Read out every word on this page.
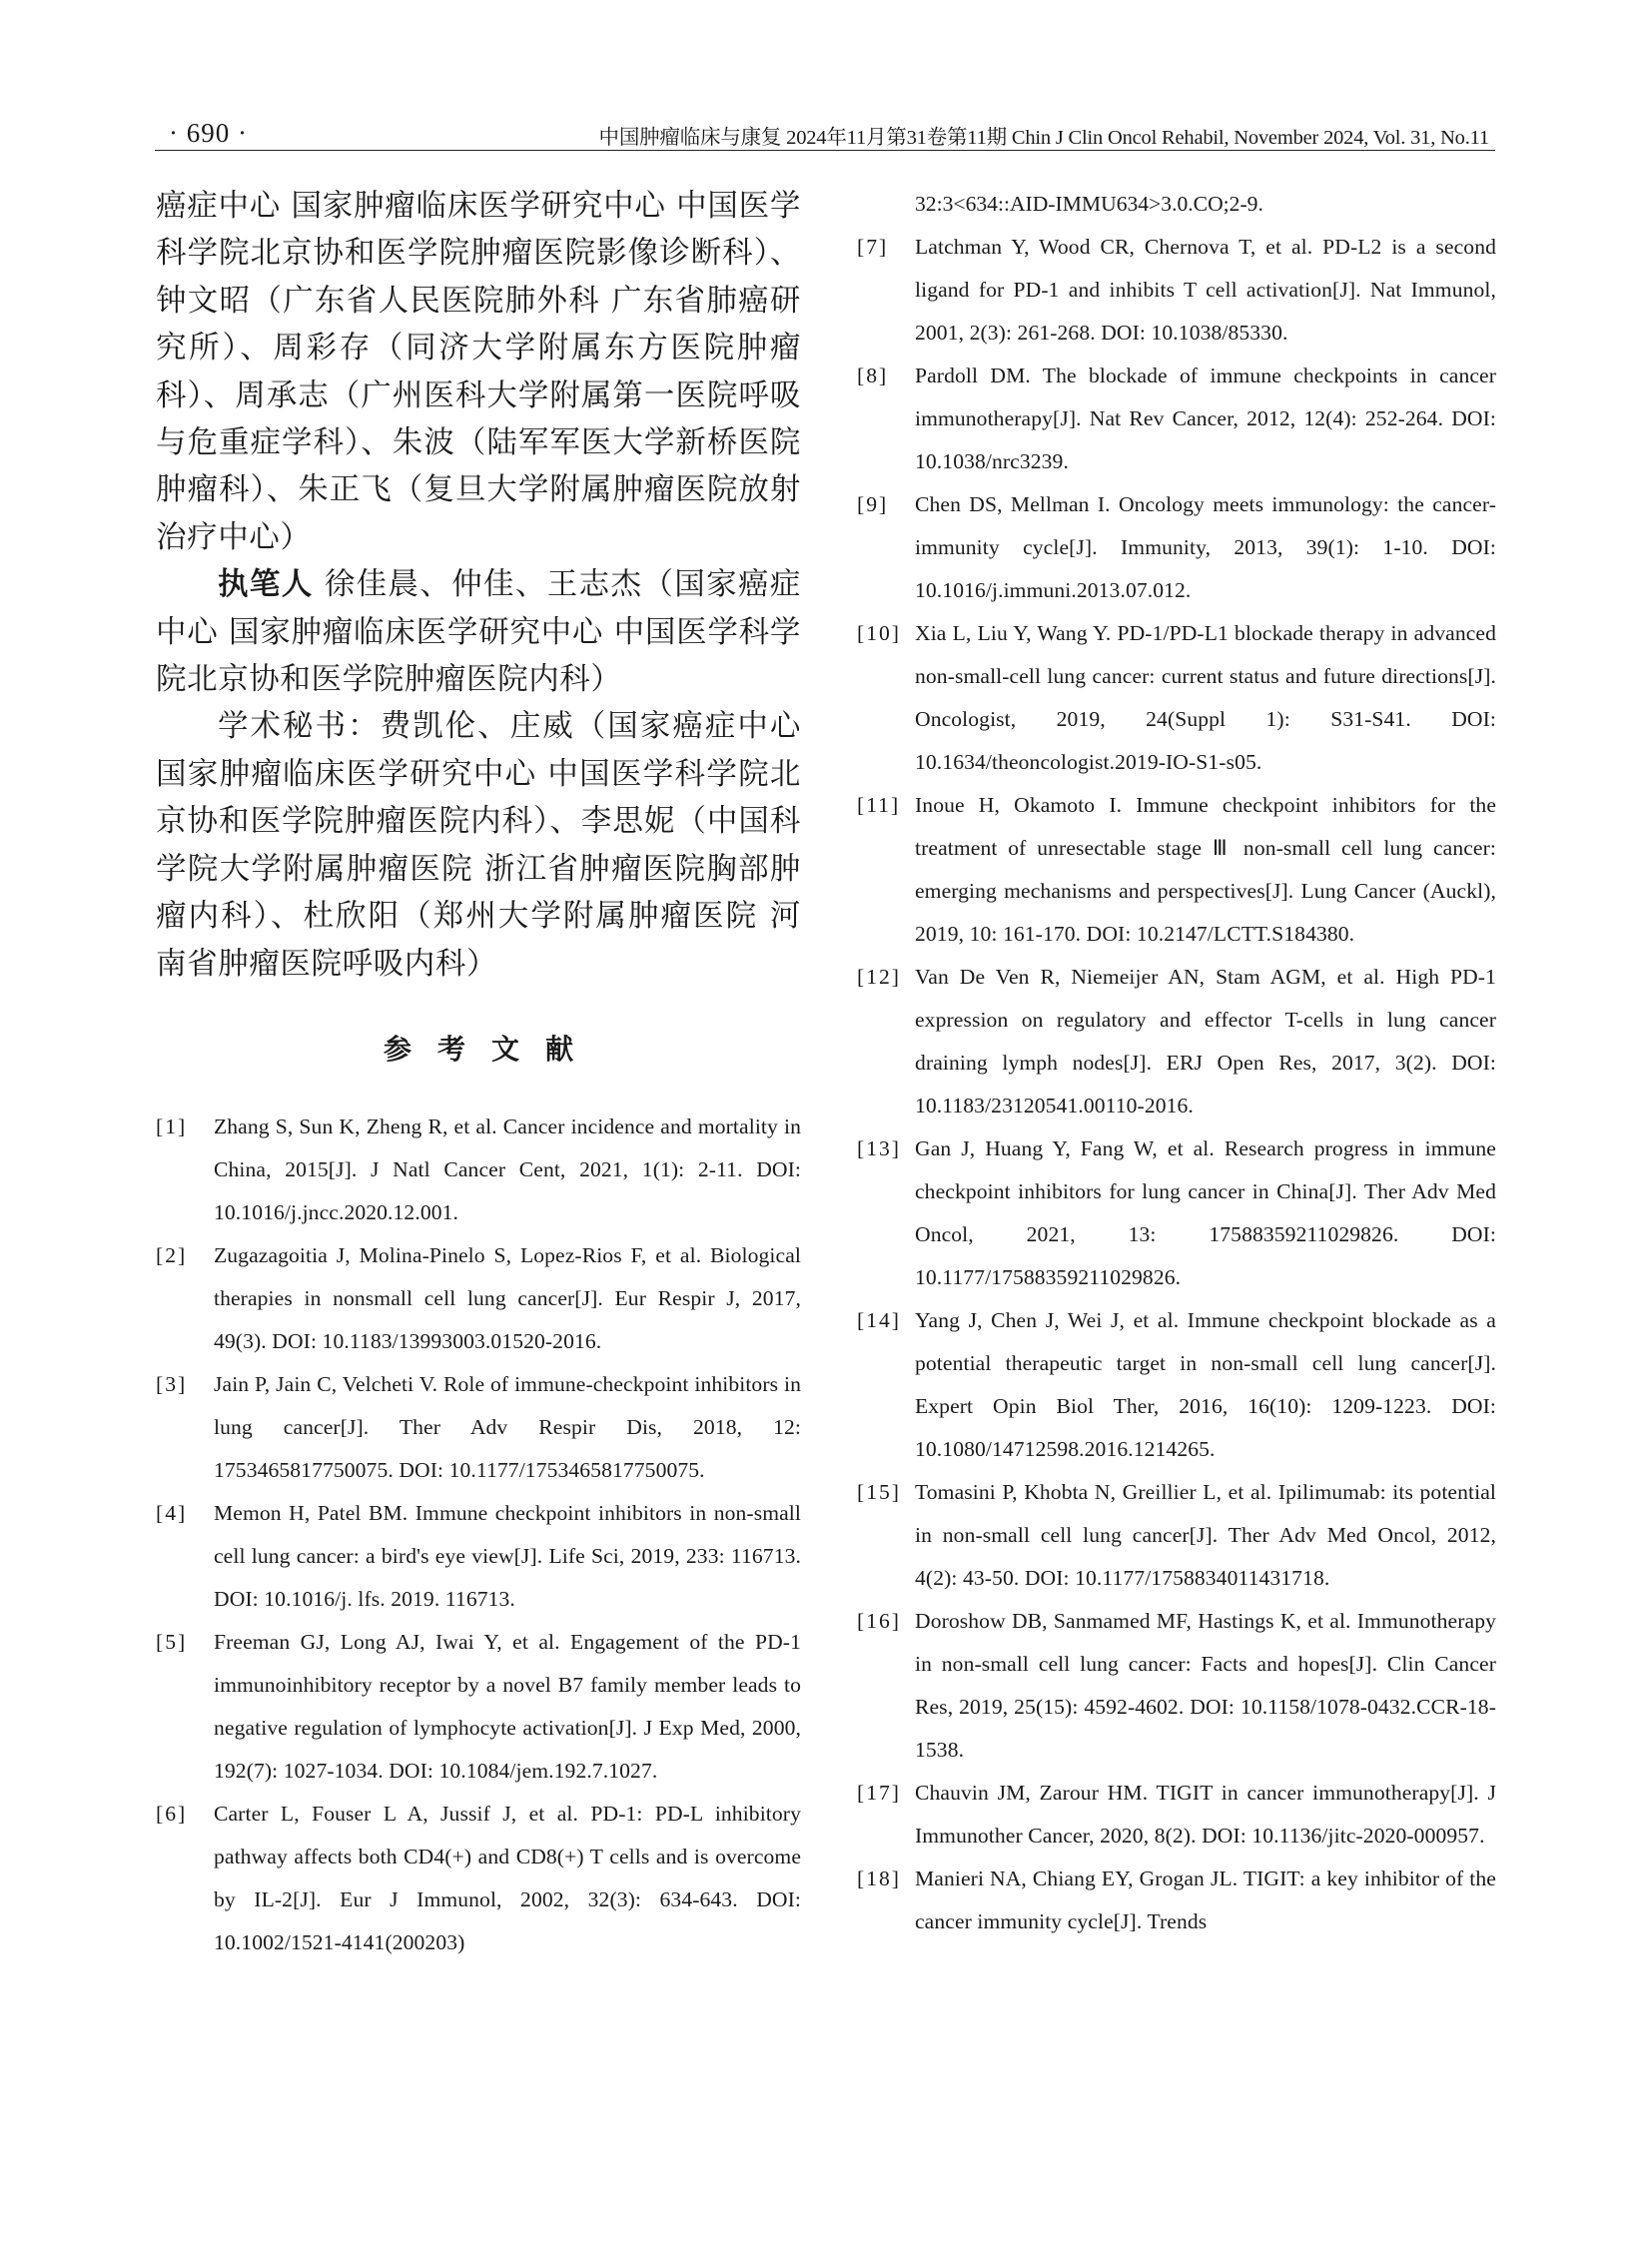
· 690 ·	中国肿瘤临床与康复 2024年11月第31卷第11期 Chin J Clin Oncol Rehabil, November 2024, Vol. 31, No.11

癌症中心 国家肿瘤临床医学研究中心 中国医学科学院北京协和医学院肿瘤医院影像诊断科）、钟文昭（广东省人民医院肺外科 广东省肺癌研究所）、周彩存（同济大学附属东方医院肿瘤科）、周承志（广州医科大学附属第一医院呼吸与危重症学科）、朱波（陆军军医大学新桥医院肿瘤科）、朱正飞（复旦大学附属肿瘤医院放射治疗中心）

执笔人 徐佳晨、仲佳、王志杰（国家癌症中心 国家肿瘤临床医学研究中心 中国医学科学院北京协和医学院肿瘤医院内科）

学术秘书：费凯伦、庄威（国家癌症中心 国家肿瘤临床医学研究中心 中国医学科学院北京协和医学院肿瘤医院内科）、李思妮（中国科学院大学附属肿瘤医院 浙江省肿瘤医院胸部肿瘤内科）、杜欣阳（郑州大学附属肿瘤医院 河南省肿瘤医院呼吸内科）

参考文献
[1]	Zhang S, Sun K, Zheng R, et al. Cancer incidence and mortality in China, 2015[J]. J Natl Cancer Cent, 2021, 1(1): 2-11. DOI: 10.1016/j.jncc.2020.12.001.
[2]	Zugazagoitia J, Molina-Pinelo S, Lopez-Rios F, et al. Biological therapies in nonsmall cell lung cancer[J]. Eur Respir J, 2017, 49(3). DOI: 10.1183/13993003.01520-2016.
[3]	Jain P, Jain C, Velcheti V. Role of immune-checkpoint inhibitors in lung cancer[J]. Ther Adv Respir Dis, 2018, 12: 1753465817750075. DOI: 10.1177/1753465817750075.
[4]	Memon H, Patel BM. Immune checkpoint inhibitors in non-small cell lung cancer: a bird's eye view[J]. Life Sci, 2019, 233: 116713. DOI: 10.1016/j. lfs. 2019. 116713.
[5]	Freeman GJ, Long AJ, Iwai Y, et al. Engagement of the PD-1 immunoinhibitory receptor by a novel B7 family member leads to negative regulation of lymphocyte activation[J]. J Exp Med, 2000, 192(7): 1027-1034. DOI: 10.1084/jem.192.7.1027.
[6]	Carter L, Fouser L A, Jussif J, et al. PD-1: PD-L inhibitory pathway affects both CD4(+) and CD8(+) T cells and is overcome by IL-2[J]. Eur J Immunol, 2002, 32(3): 634-643. DOI: 10.1002/1521-4141(200203)
32:3<634::AID-IMMU634>3.0.CO;2-9.
[7]	Latchman Y, Wood CR, Chernova T, et al. PD-L2 is a second ligand for PD-1 and inhibits T cell activation[J]. Nat Immunol, 2001, 2(3): 261-268. DOI: 10.1038/85330.
[8]	Pardoll DM. The blockade of immune checkpoints in cancer immunotherapy[J]. Nat Rev Cancer, 2012, 12(4): 252-264. DOI: 10.1038/nrc3239.
[9]	Chen DS, Mellman I. Oncology meets immunology: the cancer-immunity cycle[J]. Immunity, 2013, 39(1): 1-10. DOI: 10.1016/j.immuni.2013.07.012.
[10] Xia L, Liu Y, Wang Y. PD-1/PD-L1 blockade therapy in advanced non-small-cell lung cancer: current status and future directions[J]. Oncologist, 2019, 24(Suppl 1): S31-S41. DOI: 10.1634/theoncologist.2019-IO-S1-s05.
[11] Inoue H, Okamoto I. Immune checkpoint inhibitors for the treatment of unresectable stage Ⅲ non-small cell lung cancer: emerging mechanisms and perspectives[J]. Lung Cancer (Auckl), 2019, 10: 161-170. DOI: 10.2147/LCTT.S184380.
[12] Van De Ven R, Niemeijer AN, Stam AGM, et al. High PD-1 expression on regulatory and effector T-cells in lung cancer draining lymph nodes[J]. ERJ Open Res, 2017, 3(2). DOI: 10.1183/23120541.00110-2016.
[13] Gan J, Huang Y, Fang W, et al. Research progress in immune checkpoint inhibitors for lung cancer in China[J]. Ther Adv Med Oncol, 2021, 13: 17588359211029826. DOI: 10.1177/17588359211029826.
[14] Yang J, Chen J, Wei J, et al. Immune checkpoint blockade as a potential therapeutic target in non-small cell lung cancer[J]. Expert Opin Biol Ther, 2016, 16(10): 1209-1223. DOI: 10.1080/14712598.2016.1214265.
[15] Tomasini P, Khobta N, Greillier L, et al. Ipilimumab: its potential in non-small cell lung cancer[J]. Ther Adv Med Oncol, 2012, 4(2): 43-50. DOI: 10.1177/1758834011431718.
[16] Doroshow DB, Sanmamed MF, Hastings K, et al. Immunotherapy in non-small cell lung cancer: Facts and hopes[J]. Clin Cancer Res, 2019, 25(15): 4592-4602. DOI: 10.1158/1078-0432.CCR-18-1538.
[17] Chauvin JM, Zarour HM. TIGIT in cancer immunotherapy[J]. J Immunother Cancer, 2020, 8(2). DOI: 10.1136/jitc-2020-000957.
[18] Manieri NA, Chiang EY, Grogan JL. TIGIT: a key inhibitor of the cancer immunity cycle[J]. Trends
